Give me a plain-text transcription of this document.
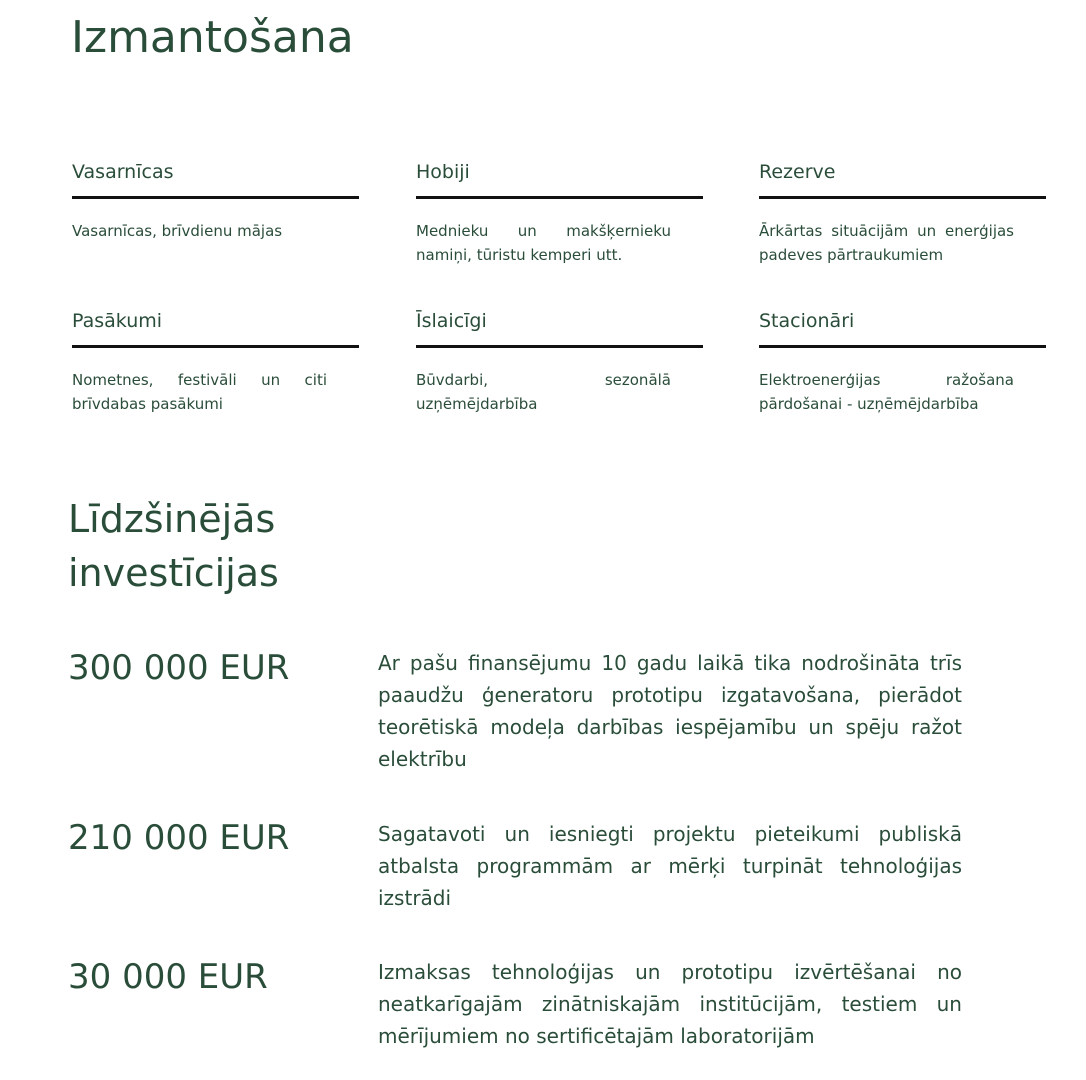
Izmantošana
Vasarnīcas
Vasarnīcas, brīvdienu mājas
Hobiji
Mednieku un makšķernieku namiņi, tūristu kemperi utt.
Rezerve
Ārkārtas situācijām un enerģijas padeves pārtraukumiem
Pasākumi
Nometnes, festivāli un citi brīvdabas pasākumi
Īslaicīgi
Būvdarbi, sezonālā uzņēmējdarbība
Stacionāri
Elektroenerģijas ražošana pārdošanai - uzņēmējdarbība
Līdzšinējās investīcijas
300 000 EUR	Ar pašu finansējumu 10 gadu laikā tika nodrošināta trīs paaudžu ģeneratoru prototipu izgatavošana, pierādot teorētiskā modeļa darbības iespējamību un spēju ražot elektrību
210 000 EUR	Sagatavoti un iesniegti projektu pieteikumi publiskā atbalsta programmām ar mērķi turpināt tehnoloģijas izstrādi
30 000 EUR	Izmaksas tehnoloģijas un prototipu izvērtēšanai no neatkarīgajām zinātniskajām institūcijām, testiem un mērījumiem no sertificētajām laboratorijām
